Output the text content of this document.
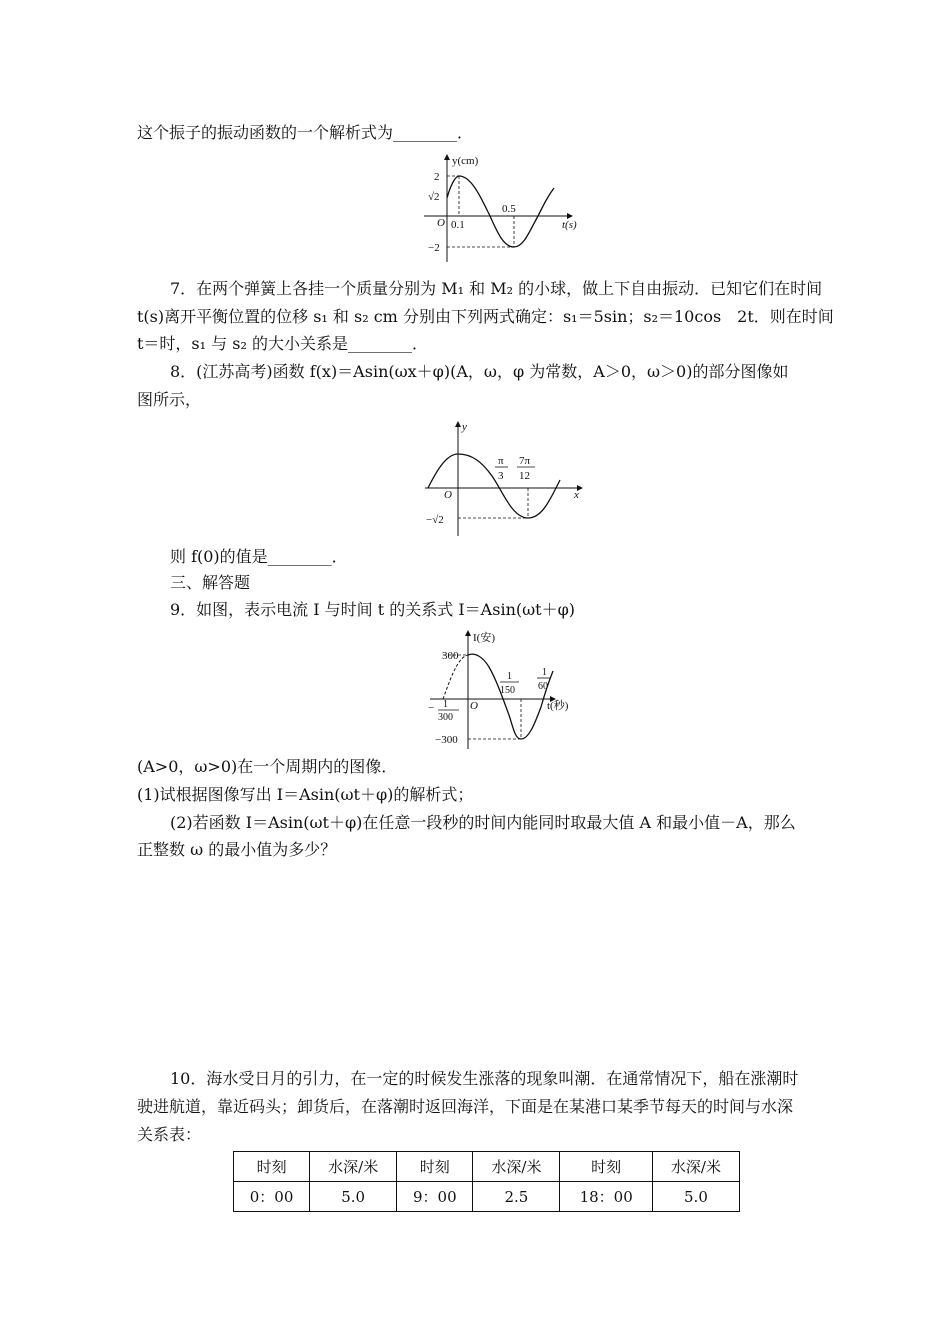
这个振子的振动函数的一个解析式为________．
y(cm)
t(s)
O
2
√2
−2
0.1
0.5
7．在两个弹簧上各挂一个质量分别为 M₁ 和 M₂ 的小球，做上下自由振动．已知它们在时间
t(s)离开平衡位置的位移 s₁ 和 s₂ cm 分别由下列两式确定：s₁＝5sin；s₂＝10cos　2t．则在时间
t＝时，s₁ 与 s₂ 的大小关系是________．
8．(江苏高考)函数 f(x)＝Asin(ωx＋φ)(A，ω，φ 为常数，A＞0，ω＞0)的部分图像如
图所示，
y
x
O
−√2
π
3
7π
12
则 f(0)的值是________．
三、解答题
9．如图，表示电流 I 与时间 t 的关系式 I＝Asin(ωt＋φ)
I(安)
t(秒)
O
300
−300
− 1
300
1
150
1
60
(A>0，ω>0)在一个周期内的图像．
(1)试根据图像写出 I＝Asin(ωt＋φ)的解析式；
(2)若函数 I＝Asin(ωt＋φ)在任意一段秒的时间内能同时取最大值 A 和最小值－A，那么
正整数 ω 的最小值为多少？
10．海水受日月的引力，在一定的时候发生涨落的现象叫潮．在通常情况下，船在涨潮时
驶进航道，靠近码头；卸货后，在落潮时返回海洋，下面是在某港口某季节每天的时间与水深
关系表：
时刻	水深/米	时刻	水深/米	时刻	水深/米
0：00	5.0	9：00	2.5	18：00	5.0
